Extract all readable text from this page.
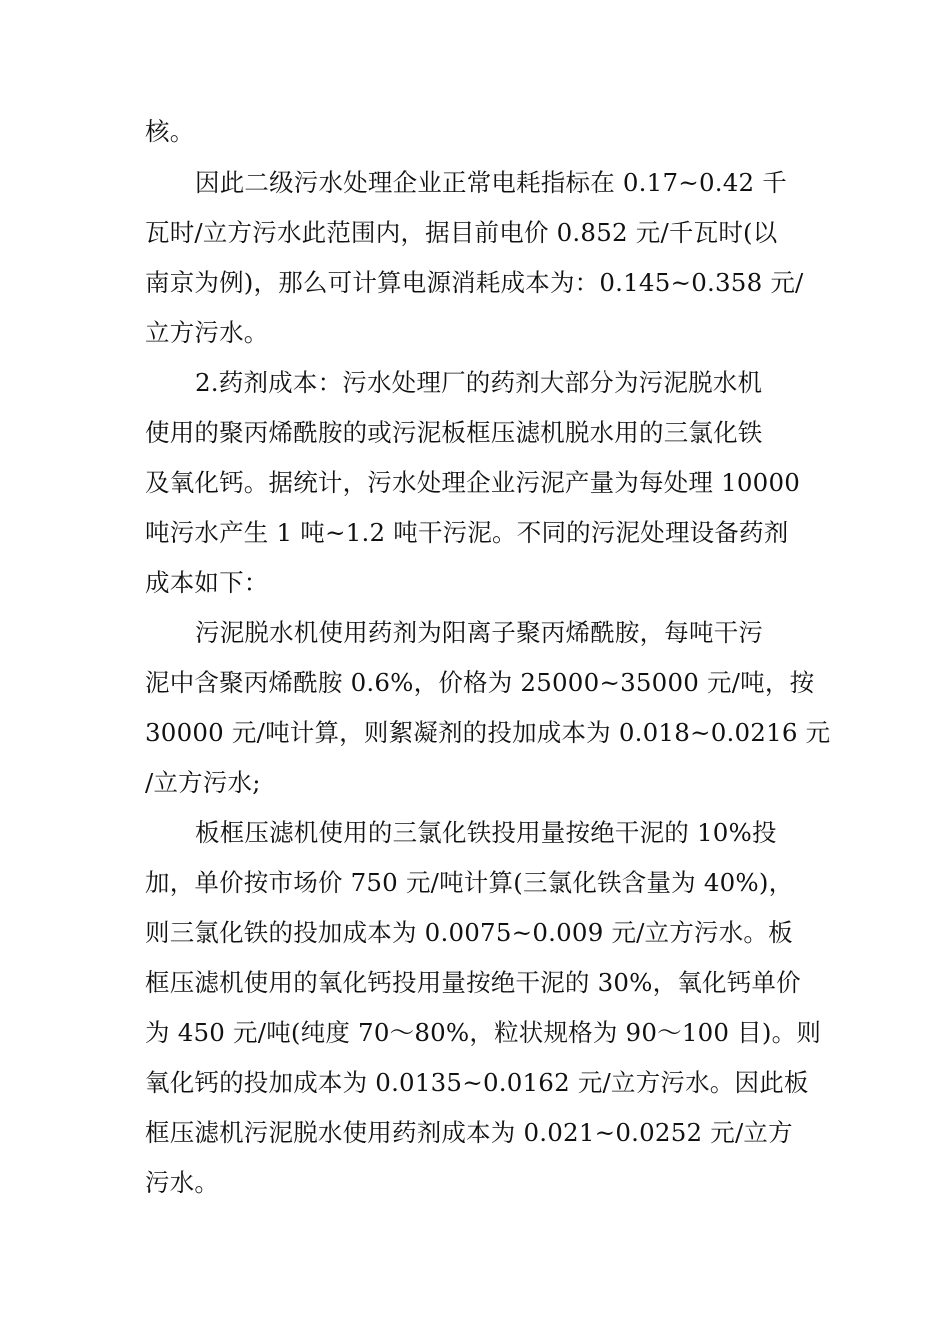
核。
因此二级污水处理企业正常电耗指标在 0.17~0.42 千
瓦时/立方污水此范围内，据目前电价 0.852 元/千瓦时(以
南京为例)，那么可计算电源消耗成本为：0.145~0.358 元/
立方污水。
2.药剂成本：污水处理厂的药剂大部分为污泥脱水机
使用的聚丙烯酰胺的或污泥板框压滤机脱水用的三氯化铁
及氧化钙。据统计，污水处理企业污泥产量为每处理 10000
吨污水产生 1 吨~1.2 吨干污泥。不同的污泥处理设备药剂
成本如下：
污泥脱水机使用药剂为阳离子聚丙烯酰胺，每吨干污
泥中含聚丙烯酰胺 0.6%，价格为 25000~35000 元/吨，按
30000 元/吨计算，则絮凝剂的投加成本为 0.018~0.0216 元
/立方污水;
板框压滤机使用的三氯化铁投用量按绝干泥的 10%投
加，单价按市场价 750 元/吨计算(三氯化铁含量为 40%)，
则三氯化铁的投加成本为 0.0075~0.009 元/立方污水。板
框压滤机使用的氧化钙投用量按绝干泥的 30%，氧化钙单价
为 450 元/吨(纯度 70～80%，粒状规格为 90～100 目)。则
氧化钙的投加成本为 0.0135~0.0162 元/立方污水。因此板
框压滤机污泥脱水使用药剂成本为 0.021~0.0252 元/立方
污水。
